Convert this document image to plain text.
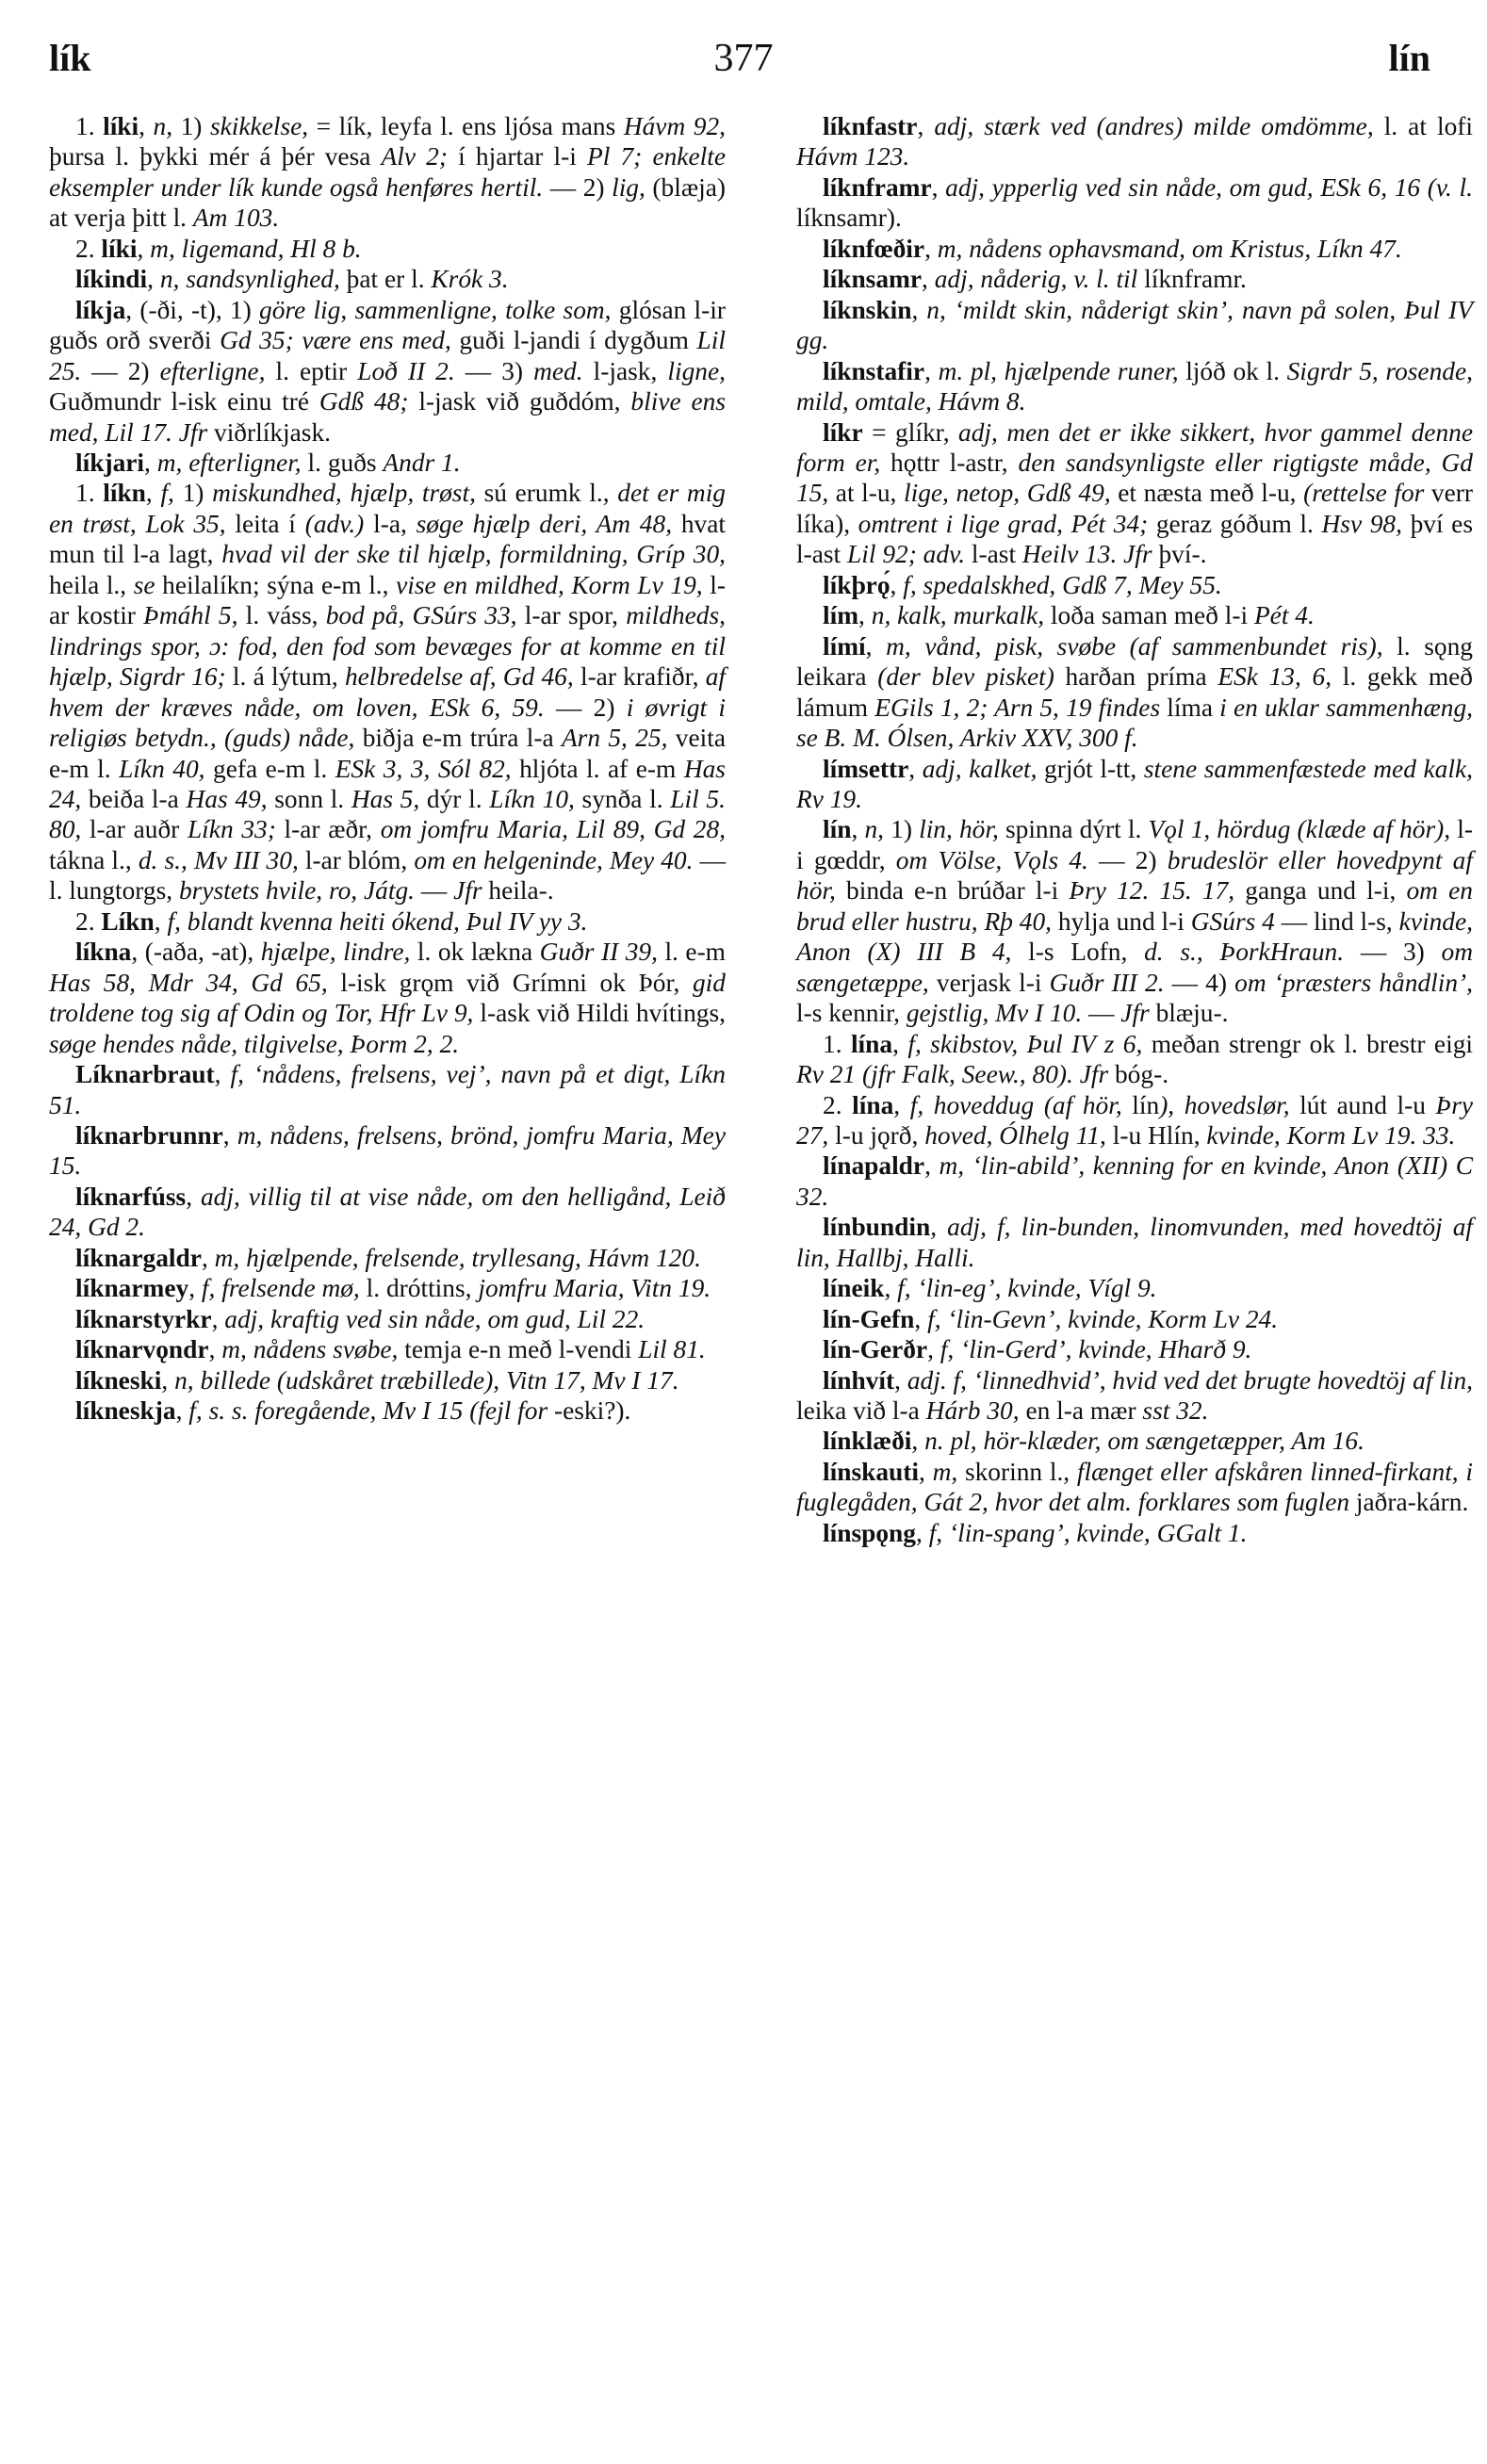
lík	377	lín

1. líki, n, 1) skikkelse, = lík, leyfa l. ens ljósa mans Hávm 92, þursa l. þykki mér á þér vesa Alv 2; í hjartar l-i Pl 7; enkelte eksempler under lík kunde også henføres hertil. — 2) lig, (blæja) at verja þitt l. Am 103.

2. líki, m, ligemand, Hl 8 b.

líkindi, n, sandsynlighed, þat er l. Krók 3.

líkja, (-ði, -t), 1) göre lig, sammenligne, tolke som, glósan l-ir guðs orð sverði Gd 35; være ens med, guði l-jandi í dygðum Lil 25. — 2) efterligne, l. eptir Loð II 2. — 3) med. l-jask, ligne, Guðmundr l-isk einu tré Gdß 48; l-jask við guðdóm, blive ens med, Lil 17. Jfr viðrlíkjask.

líkjari, m, efterligner, l. guðs Andr 1.

1. líkn, f, 1) miskundhed, hjælp, trøst, sú erumk l., det er mig en trøst, Lok 35, leita í (adv.) l-a, søge hjælp deri, Am 48, hvat mun til l-a lagt, hvad vil der ske til hjælp, formildning, Gríp 30, heila l., se heilalíkn; sýna e-m l., vise en mildhed, Korm Lv 19, l-ar kostir Þmáhl 5, l. váss, bod på, GSúrs 33, l-ar spor, mildheds, lindrings spor, ɔ: fod, den fod som bevæges for at komme en til hjælp, Sigrdr 16; l. á lýtum, helbredelse af, Gd 46, l-ar krafiðr, af hvem der kræves nåde, om loven, ESk 6, 59. — 2) i øvrigt i religiøs betydn., (guds) nåde, biðja e-m trúra l-a Arn 5, 25, veita e-m l. Líkn 40, gefa e-m l. ESk 3, 3, Sól 82, hljóta l. af e-m Has 24, beiða l-a Has 49, sonn l. Has 5, dýr l. Líkn 10, synða l. Lil 5. 80, l-ar auðr Líkn 33; l-ar æðr, om jomfru Maria, Lil 89, Gd 28, tákna l., d. s., Mv III 30, l-ar blóm, om en helgeninde, Mey 40. — l. lungtorgs, brystets hvile, ro, Játg. — Jfr heila-.

2. Líkn, f, blandt kvenna heiti ókend, Þul IV yy 3.

líkna, (-aða, -at), hjælpe, lindre, l. ok lækna Guðr II 39, l. e-m Has 58, Mdr 34, Gd 65, l-isk grǫm við Grímni ok Þór, gid troldene tog sig af Odin og Tor, Hfr Lv 9, l-ask við Hildi hvítings, søge hendes nåde, tilgivelse, Þorm 2, 2.

Líknarbraut, f, ‘nådens, frelsens, vej’, navn på et digt, Líkn 51.

líknarbrunnr, m, nådens, frelsens, brönd, jomfru Maria, Mey 15.

líknarfúss, adj, villig til at vise nåde, om den helligånd, Leið 24, Gd 2.

líknargaldr, m, hjælpende, frelsende, tryllesang, Hávm 120.

líknarmey, f, frelsende mø, l. dróttins, jomfru Maria, Vitn 19.

líknarstyrkr, adj, kraftig ved sin nåde, om gud, Lil 22.

líknarvǫndr, m, nådens svøbe, temja e-n með l-vendi Lil 81.

líkneski, n, billede (udskåret træbillede), Vitn 17, Mv I 17.

líkneskja, f, s. s. foregående, Mv I 15 (fejl for -eski?).

líknfastr, adj, stærk ved (andres) milde omdömme, l. at lofi Hávm 123.

líknframr, adj, ypperlig ved sin nåde, om gud, ESk 6, 16 (v. l. líknsamr).

líknfœðir, m, nådens ophavsmand, om Kristus, Líkn 47.

líknsamr, adj, nåderig, v. l. til líknframr.

líknskin, n, ‘mildt skin, nåderigt skin’, navn på solen, Þul IV gg.

líknstafir, m. pl, hjælpende runer, ljóð ok l. Sigrdr 5, rosende, mild, omtale, Hávm 8.

líkr = glíkr, adj, men det er ikke sikkert, hvor gammel denne form er, hǫttr l-astr, den sandsynligste eller rigtigste måde, Gd 15, at l-u, lige, netop, Gdß 49, et næsta með l-u, (rettelse for verr líka), omtrent i lige grad, Pét 34; geraz góðum l. Hsv 98, því es l-ast Lil 92; adv. l-ast Heilv 13. Jfr því-.

líkþrǫ́, f, spedalskhed, Gdß 7, Mey 55.

lím, n, kalk, murkalk, loða saman með l-i Pét 4.

límí, m, vånd, pisk, svøbe (af sammenbundet ris), l. sǫng leikara (der blev pisket) harðan príma ESk 13, 6, l. gekk með lámum EGils 1, 2; Arn 5, 19 findes líma i en uklar sammenhæng, se B. M. Ólsen, Arkiv XXV, 300 f.

límsettr, adj, kalket, grjót l-tt, stene sammenfæstede med kalk, Rv 19.

lín, n, 1) lin, hör, spinna dýrt l. Vǫl 1, hördug (klæde af hör), l-i gœddr, om Völse, Vǫls 4. — 2) brudeslör eller hovedpynt af hör, binda e-n brúðar l-i Þry 12. 15. 17, ganga und l-i, om en brud eller hustru, Rþ 40, hylja und l-i GSúrs 4 — lind l-s, kvinde, Anon (X) III B 4, l-s Lofn, d. s., ÞorkHraun. — 3) om sængetæppe, verjask l-i Guðr III 2. — 4) om ‘præsters håndlin’, l-s kennir, gejstlig, Mv I 10. — Jfr blæju-.

1. lína, f, skibstov, Þul IV z 6, meðan strengr ok l. brestr eigi Rv 21 (jfr Falk, Seew., 80). Jfr bóg-.

2. lína, f, hoveddug (af hör, lín), hovedslør, lút aund l-u Þry 27, l-u jǫrð, hoved, Ólhelg 11, l-u Hlín, kvinde, Korm Lv 19. 33.

línapaldr, m, ‘lin-abild’, kenning for en kvinde, Anon (XII) C 32.

línbundin, adj, f, lin-bunden, linomvunden, med hovedtöj af lin, Hallbj, Halli.

líneik, f, ‘lin-eg’, kvinde, Vígl 9.

lín-Gefn, f, ‘lin-Gevn’, kvinde, Korm Lv 24.

lín-Gerðr, f, ‘lin-Gerd’, kvinde, Hharð 9.

línhvít, adj. f, ‘linnedhvid’, hvid ved det brugte hovedtöj af lin, leika við l-a Hárb 30, en l-a mær sst 32.

línklæði, n. pl, hör-klæder, om sængetæpper, Am 16.

línskauti, m, skorinn l., flænget eller afskåren linned-firkant, i fuglegåden, Gát 2, hvor det alm. forklares som fuglen jaðra-kárn.

línspǫng, f, ‘lin-spang’, kvinde, GGalt 1.
